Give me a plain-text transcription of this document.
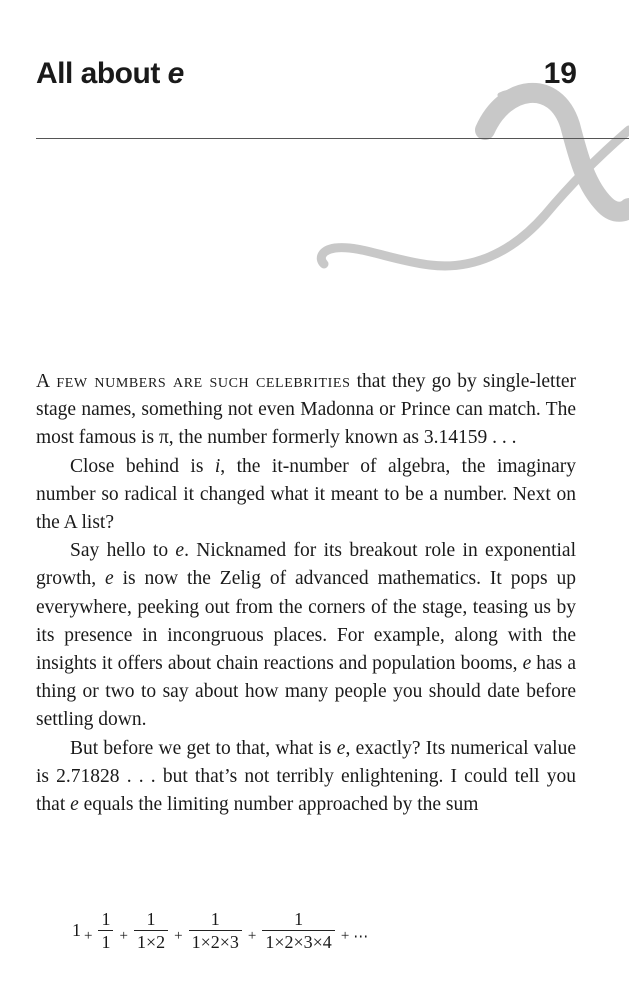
All about e	19

A few numbers are such celebrities that they go by single-letter stage names, something not even Madonna or Prince can match. The most famous is π, the number formerly known as 3.14159 . . .

Close behind is i, the it-number of algebra, the imaginary number so radical it changed what it meant to be a number. Next on the A list?

Say hello to e. Nicknamed for its breakout role in exponential growth, e is now the Zelig of advanced mathematics. It pops up everywhere, peeking out from the corners of the stage, teasing us by its presence in incongruous places. For example, along with the insights it offers about chain reactions and population booms, e has a thing or two to say about how many people you should date before settling down.

But before we get to that, what is e, exactly? Its numerical value is 2.71828 . . . but that’s not terribly enlightening. I could tell you that e equals the limiting number approached by the sum

$1 + \frac{1}{1} + \frac{1}{1\times 2} + \frac{1}{1\times 2\times 3} + \frac{1}{1\times 2\times 3\times 4}$ + ⋯
